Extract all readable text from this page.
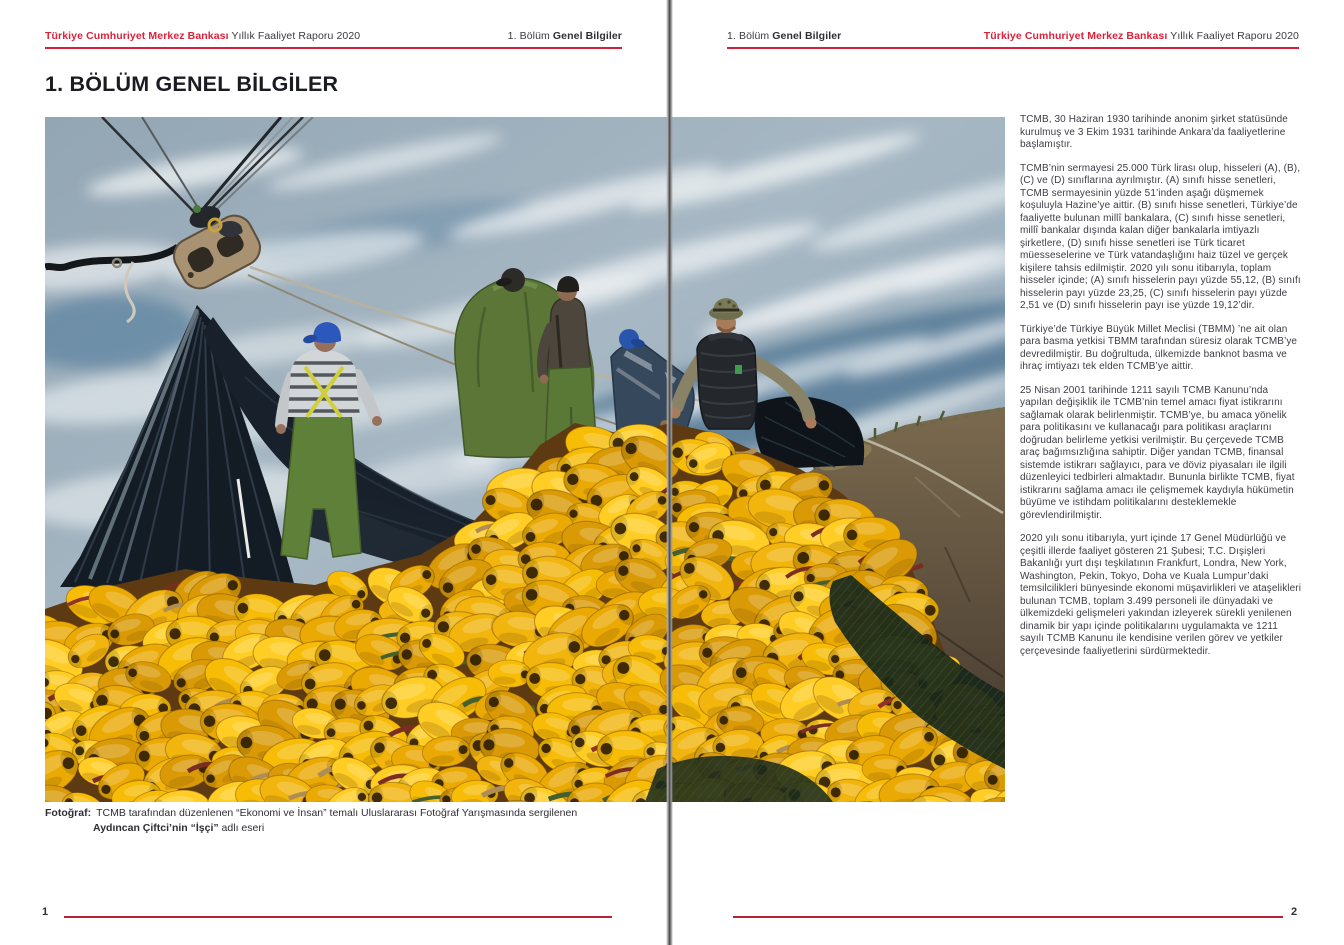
Türkiye Cumhuriyet Merkez Bankası Yıllık Faaliyet Raporu 2020	1. Bölüm Genel Bilgiler	1. Bölüm Genel Bilgiler	Türkiye Cumhuriyet Merkez Bankası Yıllık Faaliyet Raporu 2020
1. BÖLÜM GENEL BİLGİLER
Fotoğraf: TCMB tarafından düzenlenen “Ekonomi ve İnsan” temalı Uluslararası Fotoğraf Yarışmasında sergilenen
Aydıncan Çiftci’nin “İşçi” adlı eseri

TCMB, 30 Haziran 1930 tarihinde anonim şirket statüsünde kurulmuş ve 3 Ekim 1931 tarihinde Ankara’da faaliyetlerine başlamıştır.

TCMB’nin sermayesi 25.000 Türk lirası olup, hisseleri (A), (B), (C) ve (D) sınıflarına ayrılmıştır. (A) sınıfı hisse senetleri, TCMB sermayesinin yüzde 51’inden aşağı düşmemek koşuluyla Hazine’ye aittir. (B) sınıfı hisse senetleri, Türkiye’de faaliyette bulunan millî bankalara, (C) sınıfı hisse senetleri, millî bankalar dışında kalan diğer bankalarla imtiyazlı şirketlere, (D) sınıfı hisse senetleri ise Türk ticaret müesseselerine ve Türk vatandaşlığını haiz tüzel ve gerçek kişilere tahsis edilmiştir. 2020 yılı sonu itibarıyla, toplam hisseler içinde; (A) sınıfı hisselerin payı yüzde 55,12, (B) sınıfı hisselerin payı yüzde 23,25, (C) sınıfı hisselerin payı yüzde 2,51 ve (D) sınıfı hisselerin payı ise yüzde 19,12’dir.

Türkiye’de Türkiye Büyük Millet Meclisi (TBMM) ’ne ait olan para basma yetkisi TBMM tarafından süresiz olarak TCMB’ye devredilmiştir. Bu doğrultuda, ülkemizde banknot basma ve ihraç imtiyazı tek elden TCMB’ye aittir.

25 Nisan 2001 tarihinde 1211 sayılı TCMB Kanunu’nda yapılan değişiklik ile TCMB’nin temel amacı fiyat istikrarını sağlamak olarak belirlenmiştir. TCMB’ye, bu amaca yönelik para politikasını ve kullanacağı para politikası araçlarını doğrudan belirleme yetkisi verilmiştir. Bu çerçevede TCMB araç bağımsızlığına sahiptir. Diğer yandan TCMB, finansal sistemde istikrarı sağlayıcı, para ve döviz piyasaları ile ilgili düzenleyici tedbirleri almaktadır. Bununla birlikte TCMB, fiyat istikrarını sağlama amacı ile çelişmemek kaydıyla hükümetin büyüme ve istihdam politikalarını desteklemekle görevlendirilmiştir.

2020 yılı sonu itibarıyla, yurt içinde 17 Genel Müdürlüğü ve çeşitli illerde faaliyet gösteren 21 Şubesi; T.C. Dışişleri Bakanlığı yurt dışı teşkilatının Frankfurt, Londra, New York, Washington, Pekin, Tokyo, Doha ve Kuala Lumpur’daki temsilcilikleri bünyesinde ekonomi müşavirlikleri ve ataşelikleri bulunan TCMB, toplam 3.499 personeli ile dünyadaki ve ülkemizdeki gelişmeleri yakından izleyerek sürekli yenilenen dinamik bir yapı içinde politikalarını uygulamakta ve 1211 sayılı TCMB Kanunu ile kendisine verilen görev ve yetkiler çerçevesinde faaliyetlerini sürdürmektedir.

1	2
